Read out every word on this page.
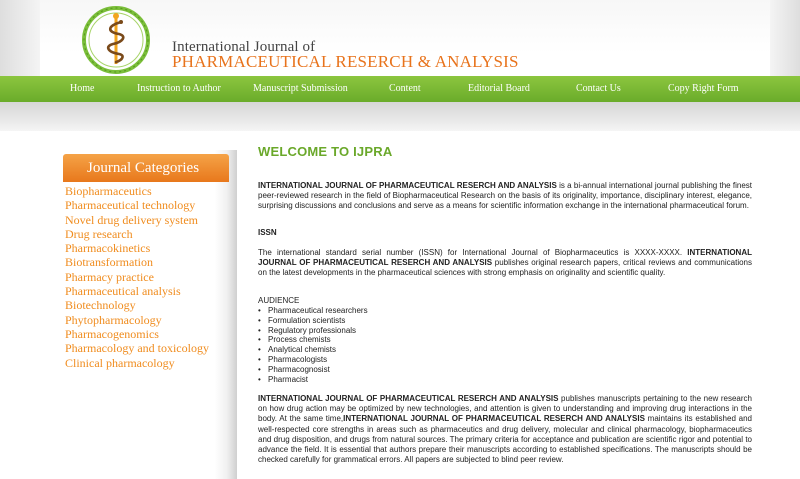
International Journal of
PHARMACEUTICAL RESERCH & ANALYSIS
Home	Instruction to Author	Manuscript Submission	Content	Editorial Board	Contact Us	Copy Right Form
Journal Categories
Biopharmaceutics
Pharmaceutical technology
Novel drug delivery system
Drug research
Pharmacokinetics
Biotransformation
Pharmacy practice
Pharmaceutical analysis
Biotechnology
Phytopharmacology
Pharmacogenomics
Pharmacology and toxicology
Clinical pharmacology
WELCOME TO IJPRA

INTERNATIONAL JOURNAL OF PHARMACEUTICAL RESERCH AND ANALYSIS is a bi-annual international journal publishing the finest peer-reviewed research in the field of Biopharmaceutical Research on the basis of its originality, importance, disciplinary interest, elegance, surprising discussions and conclusions and serve as a means for scientific information exchange in the international pharmaceutical forum.

ISSN

The international standard serial number (ISSN) for International Journal of Biopharmaceutics is XXXX-XXXX. INTERNATIONAL JOURNAL OF PHARMACEUTICAL RESERCH AND ANALYSIS publishes original research papers, critical reviews and communications on the latest developments in the pharmaceutical sciences with strong emphasis on originality and scientific quality.

AUDIENCE
• Pharmaceutical researchers
• Formulation scientists
• Regulatory professionals
• Process chemists
• Analytical chemists
• Pharmacologists
• Pharmacognosist
• Pharmacist

INTERNATIONAL JOURNAL OF PHARMACEUTICAL RESERCH AND ANALYSIS publishes manuscripts pertaining to the new research on how drug action may be optimized by new technologies, and attention is given to understanding and improving drug interactions in the body. At the same time,INTERNATIONAL JOURNAL OF PHARMACEUTICAL RESERCH AND ANALYSIS maintains its established and well-respected core strengths in areas such as pharmaceutics and drug delivery, molecular and clinical pharmacology, biopharmaceutics and drug disposition, and drugs from natural sources. The primary criteria for acceptance and publication are scientific rigor and potential to advance the field. It is essential that authors prepare their manuscripts according to established specifications. The manuscripts should be checked carefully for grammatical errors. All papers are subjected to blind peer review.
